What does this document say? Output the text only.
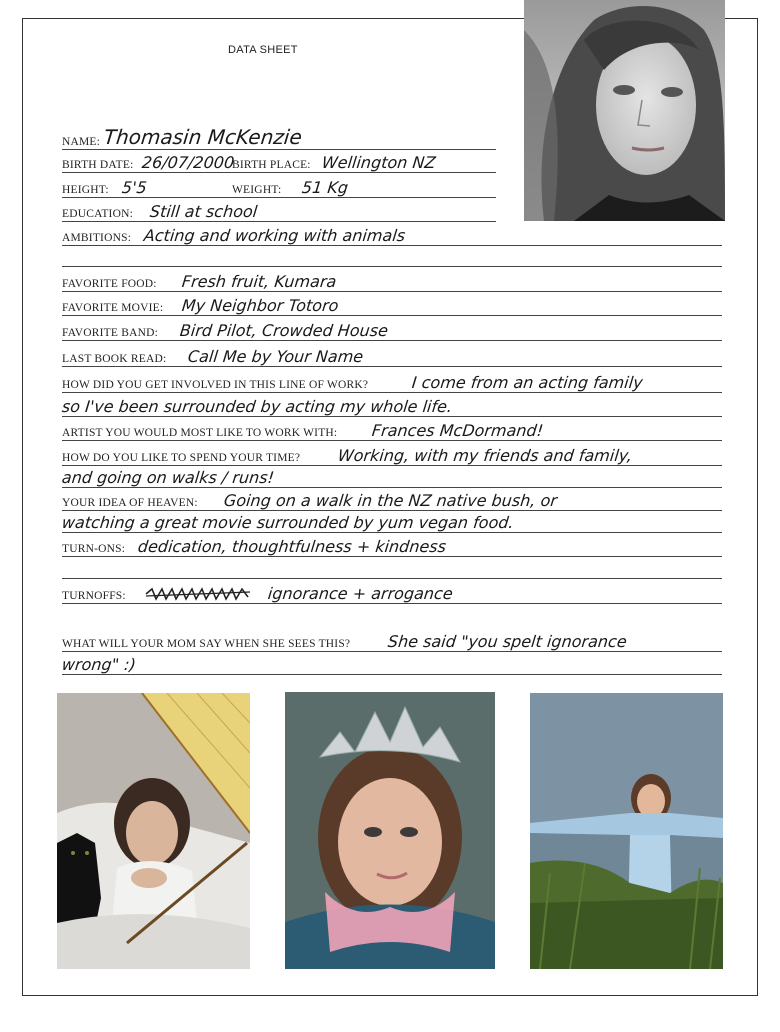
DATA SHEET
NAME: Thomasin McKenzie
BIRTH DATE: 26/07/2000
BIRTH PLACE: Wellington NZ
HEIGHT: 5'5	WEIGHT: 51 Kg
EDUCATION: Still at school
AMBITIONS: Acting and working with animals
FAVORITE FOOD: Fresh fruit, Kumara
FAVORITE MOVIE: My Neighbor Totoro
FAVORITE BAND: Bird Pilot, Crowded House
LAST BOOK READ: Call Me by Your Name
HOW DID YOU GET INVOLVED IN THIS LINE OF WORK?	I come from an acting family
so I've been surrounded by acting my whole life.
ARTIST YOU WOULD MOST LIKE TO WORK WITH: Frances McDormand!
HOW DO YOU LIKE TO SPEND YOUR TIME? Working, with my friends and family,
and going on walks / runs!
YOUR IDEA OF HEAVEN: Going on a walk in the NZ native bush, or
watching a great movie surrounded by yum vegan food.
TURN-ONS: dedication, thoughtfulness + kindness
TURNOFFS:	ignorance + arrogance
WHAT WILL YOUR MOM SAY WHEN SHE SEES THIS? She said "you spelt ignorance
wrong" :)
